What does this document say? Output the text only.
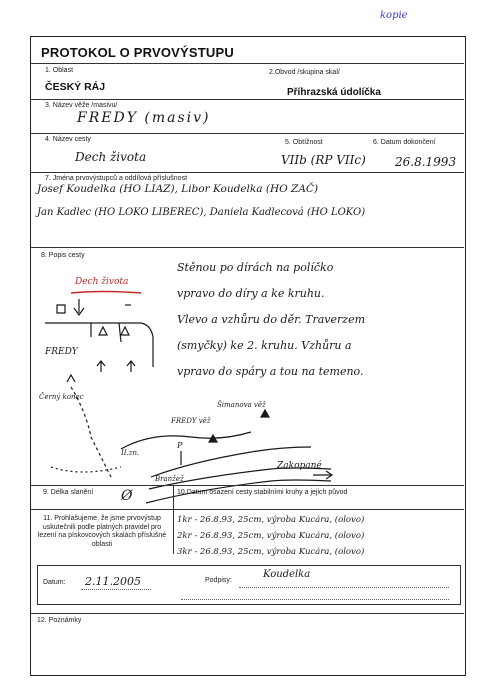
kopie
PROTOKOL O PRVOVÝSTUPU
1. Oblast	2.Obvod /skupina skal/
ČESKÝ RÁJ	Příhrazská údolíčka
3. Název věže /masivu/
FREDY (masiv)
4. Název cesty	5. Obtížnost	6. Datum dokončení
Dech života	VIIb (RP VIIc) 26.8.1993
7. Jména prvovýstupců a oddílová příslušnost
Josef Koudelka (HO LIAZ), Libor Koudelka (HO ZAČ)
Jan Kadlec (HO LOKO LIBEREC), Daniela Kadlecová (HO LOKO)
8. Popis cesty
Stěnou po dírách na políčko
vpravo do díry a ke kruhu.
Vlevo a vzhůru do děr. Traverzem
(smyčky) ke 2. kruhu. Vzhůru a
vpravo do spáry a tou na temeno.
Dech života
FREDY
Černý konec
Šimanova věž
FREDY věž
II.zn.
P
Zakopané
Branžež
9. Délka slanění Ø	10.Datum osazení cesty stabilními kruhy a jejich původ
11. Prohlašujeme, že jsme prvovýstup uskutečnili podle platných pravidel pro lezení na pískovcových skalách příslušné oblasti
1kr - 26.8.93, 25cm, výroba Kucára, (olovo)
2kr - 26.8.93, 25cm, výroba Kucára, (olovo)
3kr - 26.8.93, 25cm, výroba Kucára, (olovo)
Datum: 2.11.2005	Podpisy:
Koudelka
12. Poznámky
